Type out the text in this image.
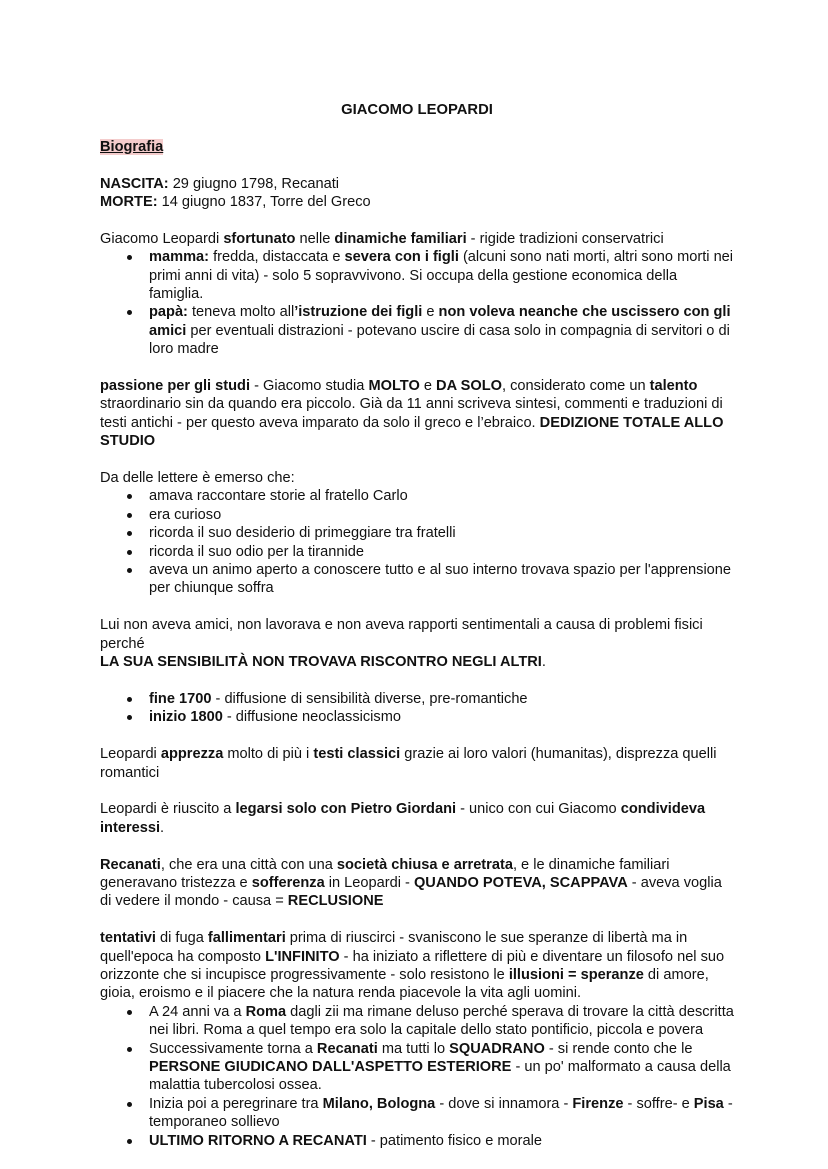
GIACOMO LEOPARDI
Biografia
NASCITA: 29 giugno 1798, Recanati
MORTE: 14 giugno 1837, Torre del Greco
Giacomo Leopardi sfortunato nelle dinamiche familiari - rigide tradizioni conservatrici
mamma: fredda, distaccata e severa con i figli (alcuni sono nati morti, altri sono morti nei primi anni di vita) - solo 5 sopravvivono. Si occupa della gestione economica della famiglia.
papà: teneva molto all’istruzione dei figli e non voleva neanche che uscissero con gli amici per eventuali distrazioni - potevano uscire di casa solo in compagnia di servitori o di loro madre
passione per gli studi - Giacomo studia MOLTO e DA SOLO, considerato come un talento straordinario sin da quando era piccolo. Già da 11 anni scriveva sintesi, commenti e traduzioni di testi antichi - per questo aveva imparato da solo il greco e l’ebraico. DEDIZIONE TOTALE ALLO STUDIO
Da delle lettere è emerso che:
amava raccontare storie al fratello Carlo
era curioso
ricorda il suo desiderio di primeggiare tra fratelli
ricorda il suo odio per la tirannide
aveva un animo aperto a conoscere tutto e al suo interno trovava spazio per l'apprensione per chiunque soffra
Lui non aveva amici, non lavorava e non aveva rapporti sentimentali a causa di problemi fisici perché
LA SUA SENSIBILITÀ NON TROVAVA RISCONTRO NEGLI ALTRI.
fine 1700 - diffusione di sensibilità diverse, pre-romantiche
inizio 1800 - diffusione neoclassicismo
Leopardi apprezza molto di più i testi classici grazie ai loro valori (humanitas), disprezza quelli romantici
Leopardi è riuscito a legarsi solo con Pietro Giordani - unico con cui Giacomo condivideva interessi.
Recanati, che era una città con una società chiusa e arretrata, e le dinamiche familiari generavano tristezza e sofferenza in Leopardi - QUANDO POTEVA, SCAPPAVA - aveva voglia di vedere il mondo - causa = RECLUSIONE
tentativi di fuga fallimentari prima di riuscirci - svaniscono le sue speranze di libertà ma in quell'epoca ha composto L'INFINITO - ha iniziato a riflettere di più e diventare un filosofo nel suo orizzonte che si incupisce progressivamente - solo resistono le illusioni = speranze di amore, gioia, eroismo e il piacere che la natura renda piacevole la vita agli uomini.
A 24 anni va a Roma dagli zii ma rimane deluso perché sperava di trovare la città descritta nei libri. Roma a quel tempo era solo la capitale dello stato pontificio, piccola e povera
Successivamente torna a Recanati ma tutti lo SQUADRANO - si rende conto che le PERSONE GIUDICANO DALL'ASPETTO ESTERIORE - un po' malformato a causa della malattia tubercolosi ossea.
Inizia poi a peregrinare tra Milano, Bologna - dove si innamora - Firenze - soffre- e Pisa - temporaneo sollievo
ULTIMO RITORNO A RECANATI - patimento fisico e morale
